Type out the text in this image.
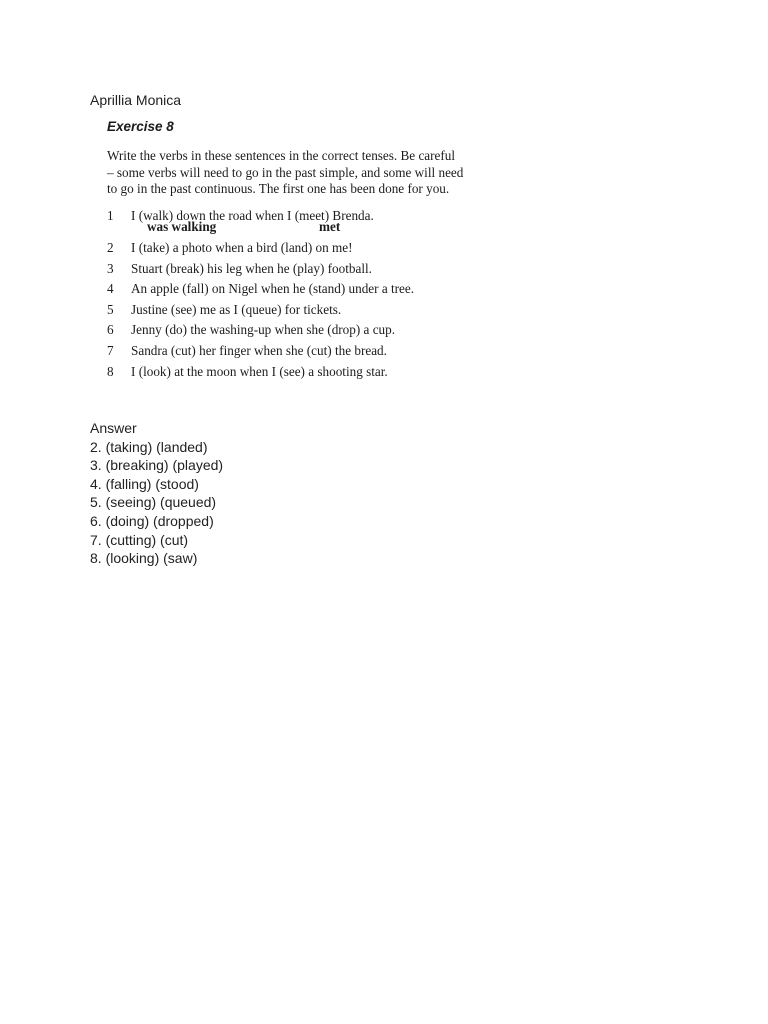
Aprillia Monica
Exercise 8
Write the verbs in these sentences in the correct tenses. Be careful
– some verbs will need to go in the past simple, and some will need
to go in the past continuous. The first one has been done for you.
1	I (walk) down the road when I (meet) Brenda.
was walking	met
2	I (take) a photo when a bird (land) on me!
3	Stuart (break) his leg when he (play) football.
4	An apple (fall) on Nigel when he (stand) under a tree.
5	Justine (see) me as I (queue) for tickets.
6	Jenny (do) the washing-up when she (drop) a cup.
7	Sandra (cut) her finger when she (cut) the bread.
8	I (look) at the moon when I (see) a shooting star.
Answer
2. (taking) (landed)
3. (breaking) (played)
4. (falling) (stood)
5. (seeing) (queued)
6. (doing) (dropped)
7. (cutting) (cut)
8. (looking) (saw)
